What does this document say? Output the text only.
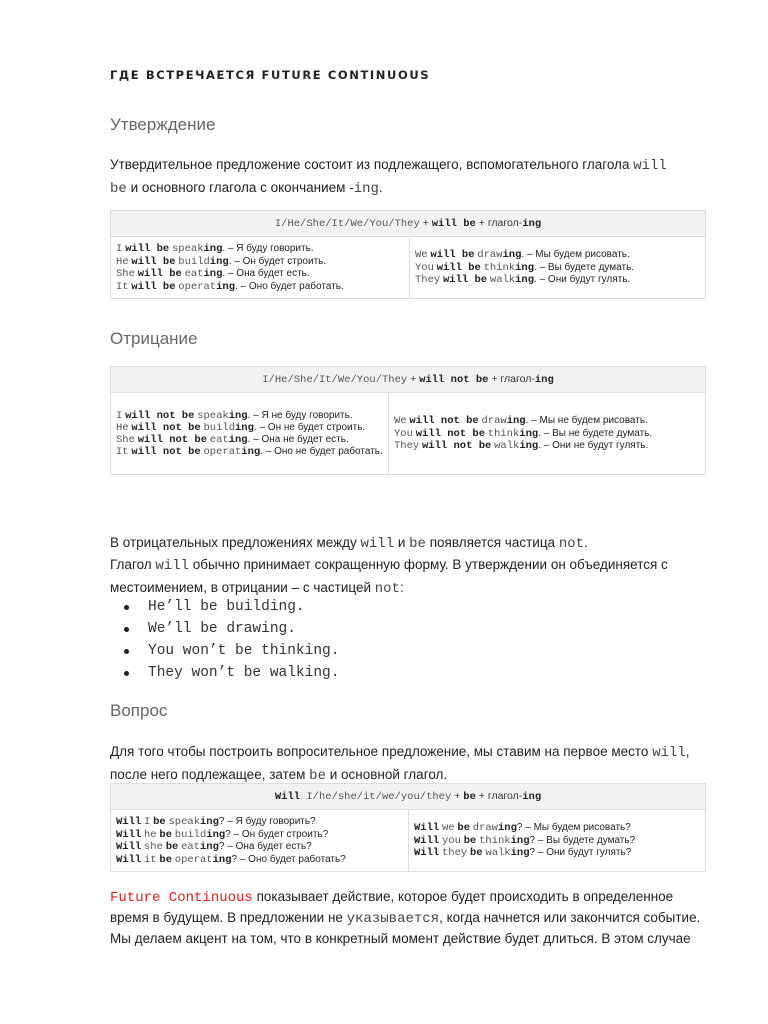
ГДЕ ВСТРЕЧАЕТСЯ FUTURE CONTINUOUS
Утверждение

Утвердительное предложение состоит из подлежащего, вспомогательного глагола will
be и основного глагола с окончанием -ing.

I/He/She/It/We/You/They + will be + глагол-ing

I will be speaking. – Я буду говорить.
He will be building. – Он будет строить.
She will be eating. – Она будет есть.
It will be operating. – Оно будет работать.

We will be drawing. – Мы будем рисовать.
You will be thinking. – Вы будете думать.
They will be walking. – Они будут гулять.
Отрицание
I/He/She/It/We/You/They + will not be + глагол-ing

I will not be speaking. – Я не буду говорить.
He will not be building. – Он не будет строить.
She will not be eating. – Она не будет есть.
It will not be operating. – Оно не будет работать.

We will not be drawing. – Мы не будем рисовать.
You will not be thinking. – Вы не будете думать.
They will not be walking. – Они не будут гулять.

В отрицательных предложениях между will и be появляется частица not.

Глагол will обычно принимает сокращенную форму. В утверждении он объединяется с местоимением, в отрицании – с частицей not:

He’ll be building.
We’ll be drawing.
You won’t be thinking.
They won’t be walking.
Вопрос

Для того чтобы построить вопросительное предложение, мы ставим на первое место will, после него подлежащее, затем be и основной глагол.

Will I/he/she/it/we/you/they + be + глагол-ing

Will I be speaking? – Я буду говорить?
Will he be building? – Он будет строить?
Will she be eating? – Она будет есть?
Will it be operating? – Оно будет работать?

Will we be drawing? – Мы будем рисовать?
Will you be thinking? – Вы будете думать?
Will they be walking? – Они будут гулять?

Future Continuous показывает действие, которое будет происходить в определенное время в будущем. В предложении не указывается, когда начнется или закончится событие. Мы делаем акцент на том, что в конкретный момент действие будет длиться. В этом случае
